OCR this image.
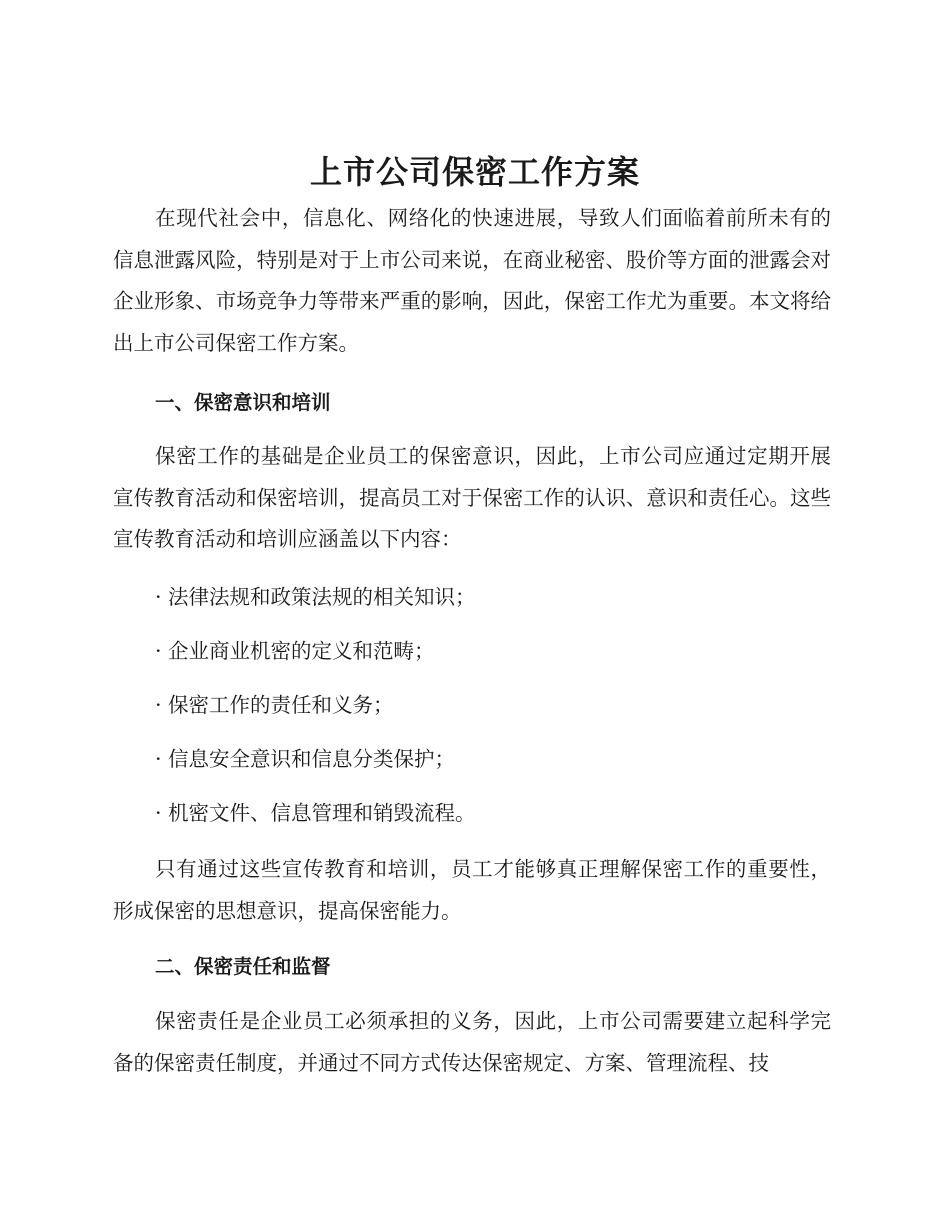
上市公司保密工作方案

在现代社会中，信息化、网络化的快速进展，导致人们面临着前所未有的信息泄露风险，特别是对于上市公司来说，在商业秘密、股价等方面的泄露会对企业形象、市场竞争力等带来严重的影响，因此，保密工作尤为重要。本文将给出上市公司保密工作方案。

一、保密意识和培训

保密工作的基础是企业员工的保密意识，因此，上市公司应通过定期开展宣传教育活动和保密培训，提高员工对于保密工作的认识、意识和责任心。这些宣传教育活动和培训应涵盖以下内容：

· 法律法规和政策法规的相关知识；

· 企业商业机密的定义和范畴；

· 保密工作的责任和义务；

· 信息安全意识和信息分类保护；

· 机密文件、信息管理和销毁流程。

只有通过这些宣传教育和培训，员工才能够真正理解保密工作的重要性，形成保密的思想意识，提高保密能力。

二、保密责任和监督

保密责任是企业员工必须承担的义务，因此，上市公司需要建立起科学完备的保密责任制度，并通过不同方式传达保密规定、方案、管理流程、技
